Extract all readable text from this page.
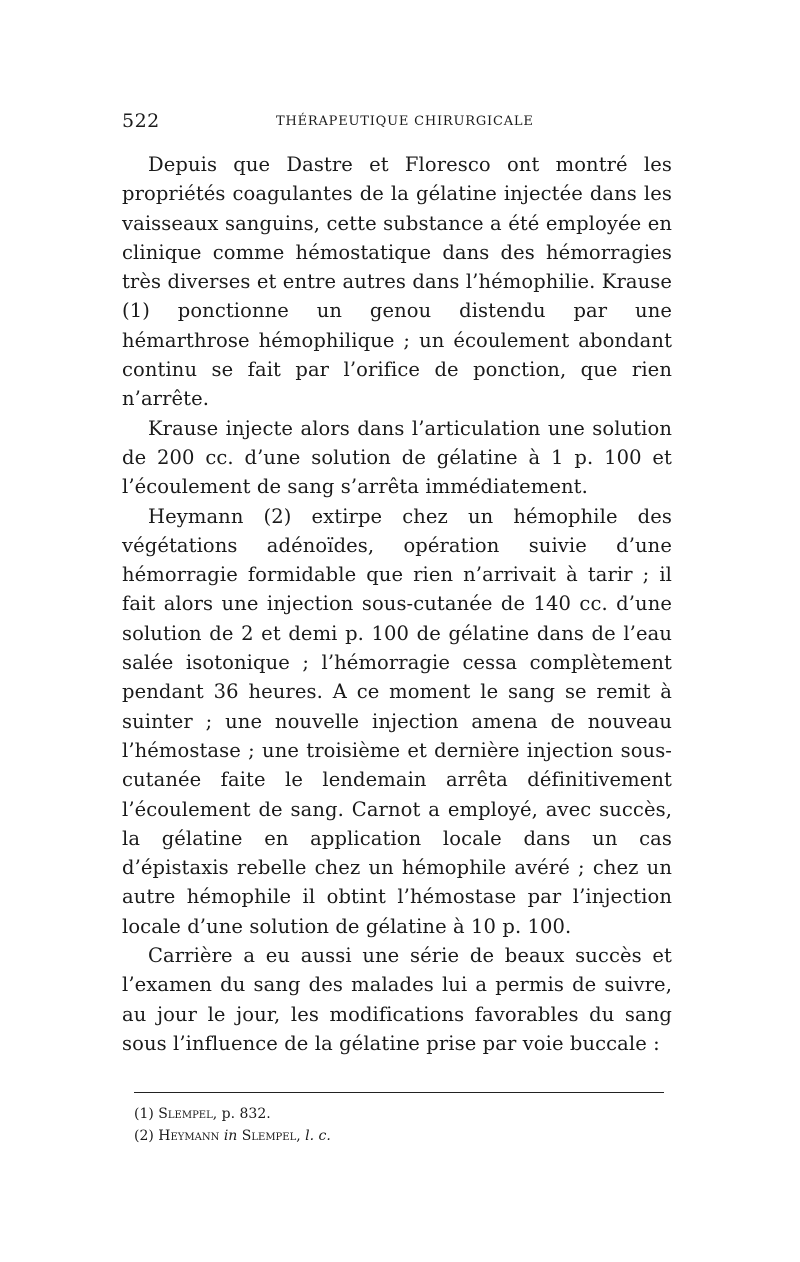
522	THÉRAPEUTIQUE CHIRURGICALE

Depuis que Dastre et Floresco ont montré les propriétés coagulantes de la gélatine injectée dans les vaisseaux sanguins, cette substance a été employée en clinique comme hémostatique dans des hémorragies très diverses et entre autres dans l’hémophilie. Krause (1) ponctionne un genou distendu par une hémarthrose hémophilique ; un écoulement abondant continu se fait par l’orifice de ponction, que rien n’arrête.

Krause injecte alors dans l’articulation une solution de 200 cc. d’une solution de gélatine à 1 p. 100 et l’écoulement de sang s’arrêta immédiatement.

Heymann (2) extirpe chez un hémophile des végétations adénoïdes, opération suivie d’une hémorragie formidable que rien n’arrivait à tarir ; il fait alors une injection sous-cutanée de 140 cc. d’une solution de 2 et demi p. 100 de gélatine dans de l’eau salée isotonique ; l’hémorragie cessa complètement pendant 36 heures. A ce moment le sang se remit à suinter ; une nouvelle injection amena de nouveau l’hémostase ; une troisième et dernière injection sous-cutanée faite le lendemain arrêta définitivement l’écoulement de sang. Carnot a employé, avec succès, la gélatine en application locale dans un cas d’épistaxis rebelle chez un hémophile avéré ; chez un autre hémophile il obtint l’hémostase par l’injection locale d’une solution de gélatine à 10 p. 100.

Carrière a eu aussi une série de beaux succès et l’examen du sang des malades lui a permis de suivre, au jour le jour, les modifications favorables du sang sous l’influence de la gélatine prise par voie buccale :

(1) Slempel, p. 832.
(2) Heymann in Slempel, l. c.
